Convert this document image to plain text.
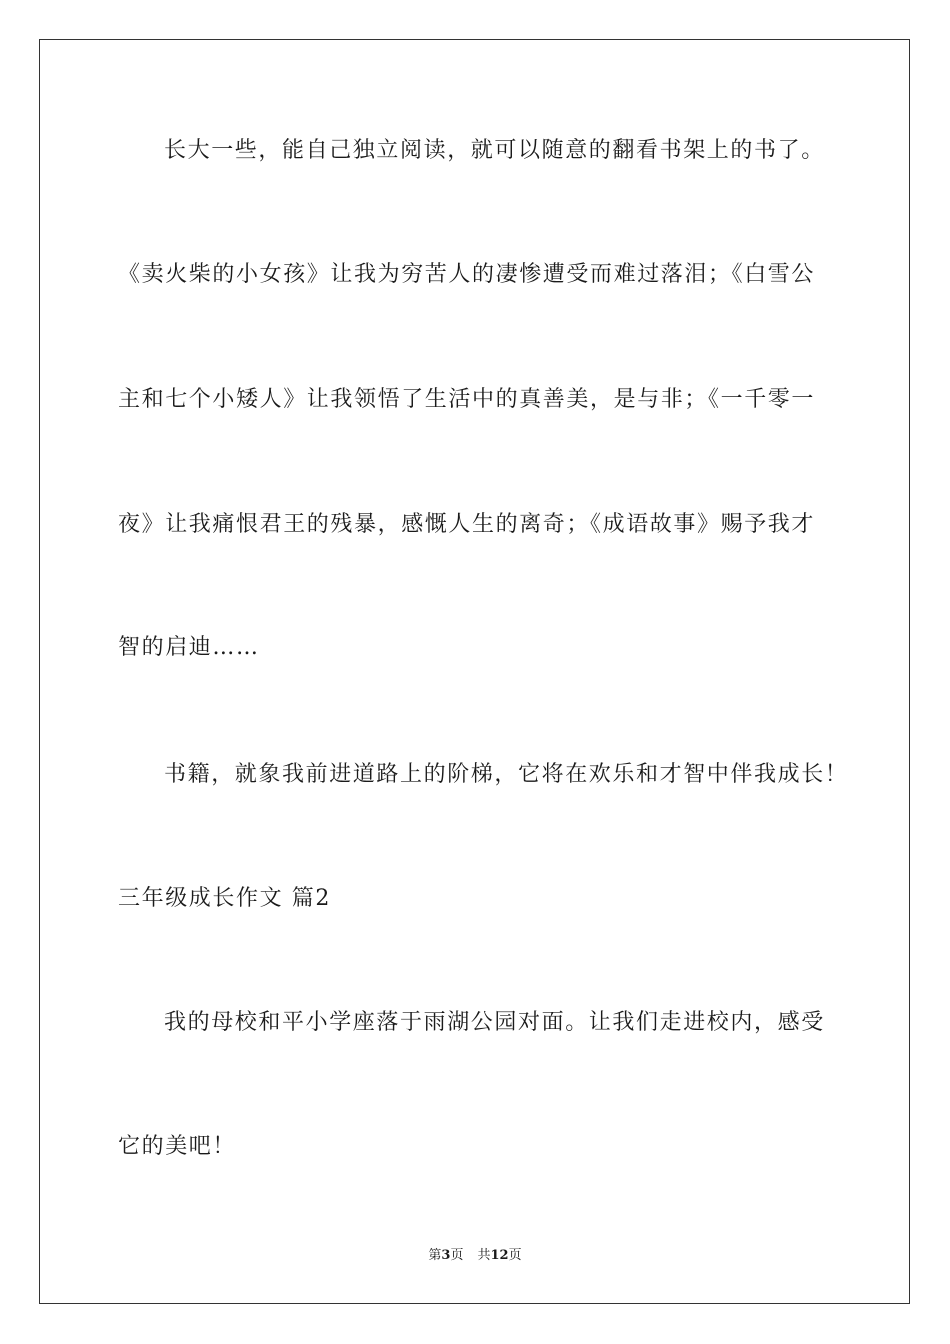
长大一些，能自己独立阅读，就可以随意的翻看书架上的书了。
《卖火柴的小女孩》让我为穷苦人的凄惨遭受而难过落泪；《白雪公
主和七个小矮人》让我领悟了生活中的真善美，是与非；《一千零一
夜》让我痛恨君王的残暴，感慨人生的离奇；《成语故事》赐予我才
智的启迪……
书籍，就象我前进道路上的阶梯，它将在欢乐和才智中伴我成长！
三年级成长作文 篇2
我的母校和平小学座落于雨湖公园对面。让我们走进校内，感受
它的美吧！
第3页 共12页
